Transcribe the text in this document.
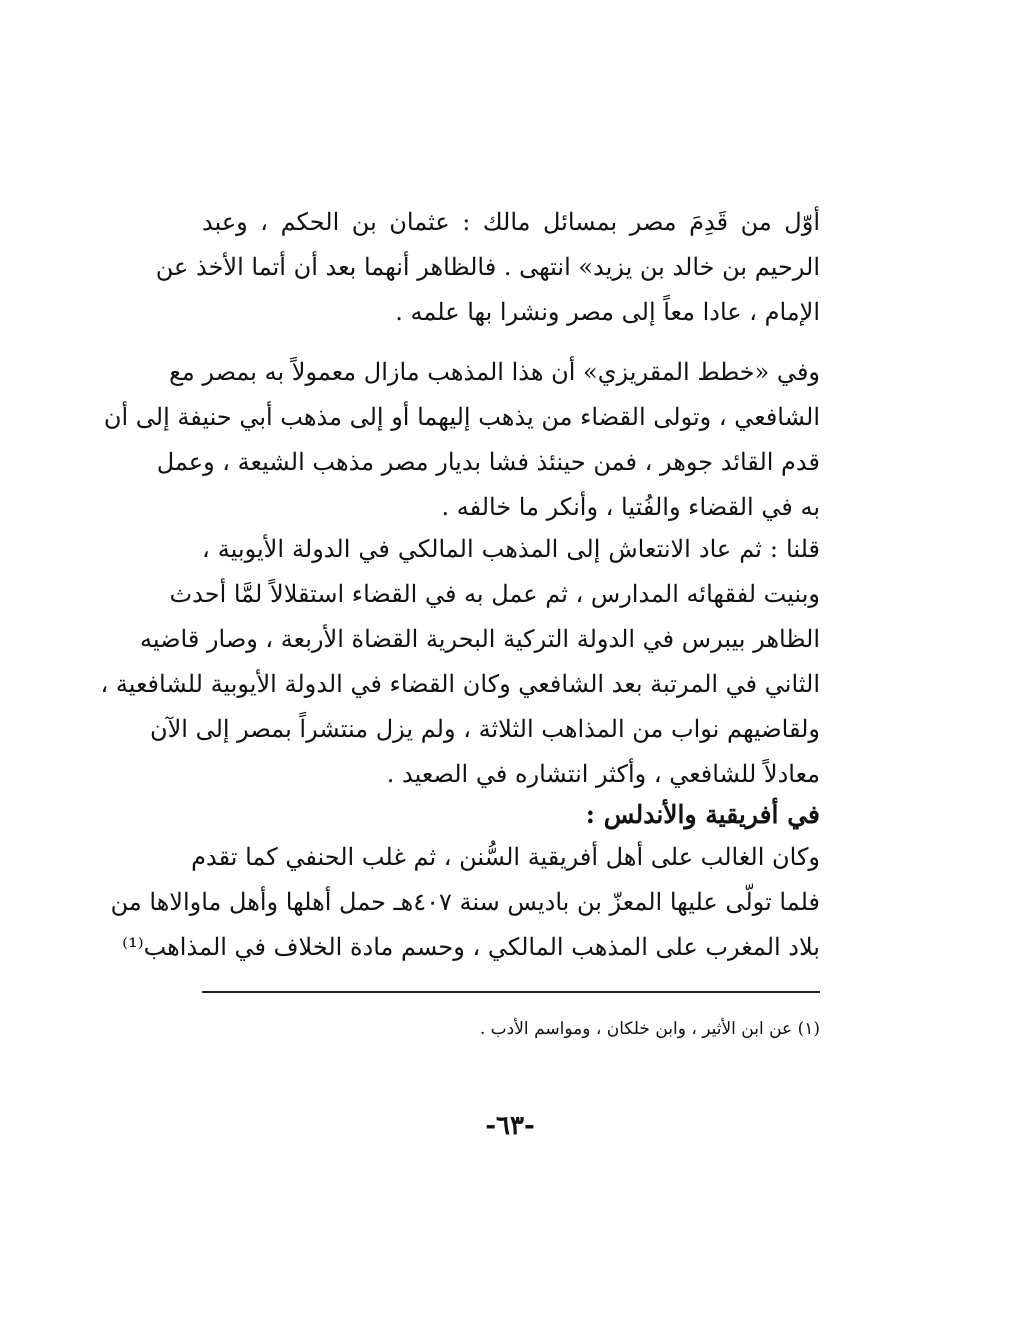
أوّل من قَدِمَ مصر بمسائل مالك : عثمان بن الحكم ، وعبد
الرحيم بن خالد بن يزيد» انتهى . فالظاهر أنهما بعد أن أتما الأخذ عن
الإمام ، عادا معاً إلى مصر ونشرا بها علمه .
وفي «خطط المقريزي» أن هذا المذهب مازال معمولاً به بمصر مع
الشافعي ، وتولى القضاء من يذهب إليهما أو إلى مذهب أبي حنيفة إلى أن
قدم القائد جوهر ، فمن حينئذ فشا بديار مصر مذهب الشيعة ، وعمل
به في القضاء والفُتيا ، وأنكر ما خالفه .
قلنا : ثم عاد الانتعاش إلى المذهب المالكي في الدولة الأيوبية ،
وبنيت لفقهائه المدارس ، ثم عمل به في القضاء استقلالاً لمَّا أحدث
الظاهر بيبرس في الدولة التركية البحرية القضاة الأربعة ، وصار قاضيه
الثاني في المرتبة بعد الشافعي وكان القضاء في الدولة الأيوبية للشافعية ،
ولقاضيهم نواب من المذاهب الثلاثة ، ولم يزل منتشراً بمصر إلى الآن
معادلاً للشافعي ، وأكثر انتشاره في الصعيد .
في أفريقية والأندلس :
وكان الغالب على أهل أفريقية السُّنن ، ثم غلب الحنفي كما تقدم
فلما تولّى عليها المعزّ بن باديس سنة ٤٠٧هـ حمل أهلها وأهل ماوالاها من
بلاد المغرب على المذهب المالكي ، وحسم مادة الخلاف في المذاهب⁽¹⁾
(١) عن ابن الأثير ، وابن خلكان ، ومواسم الأدب .
-٦٣-
